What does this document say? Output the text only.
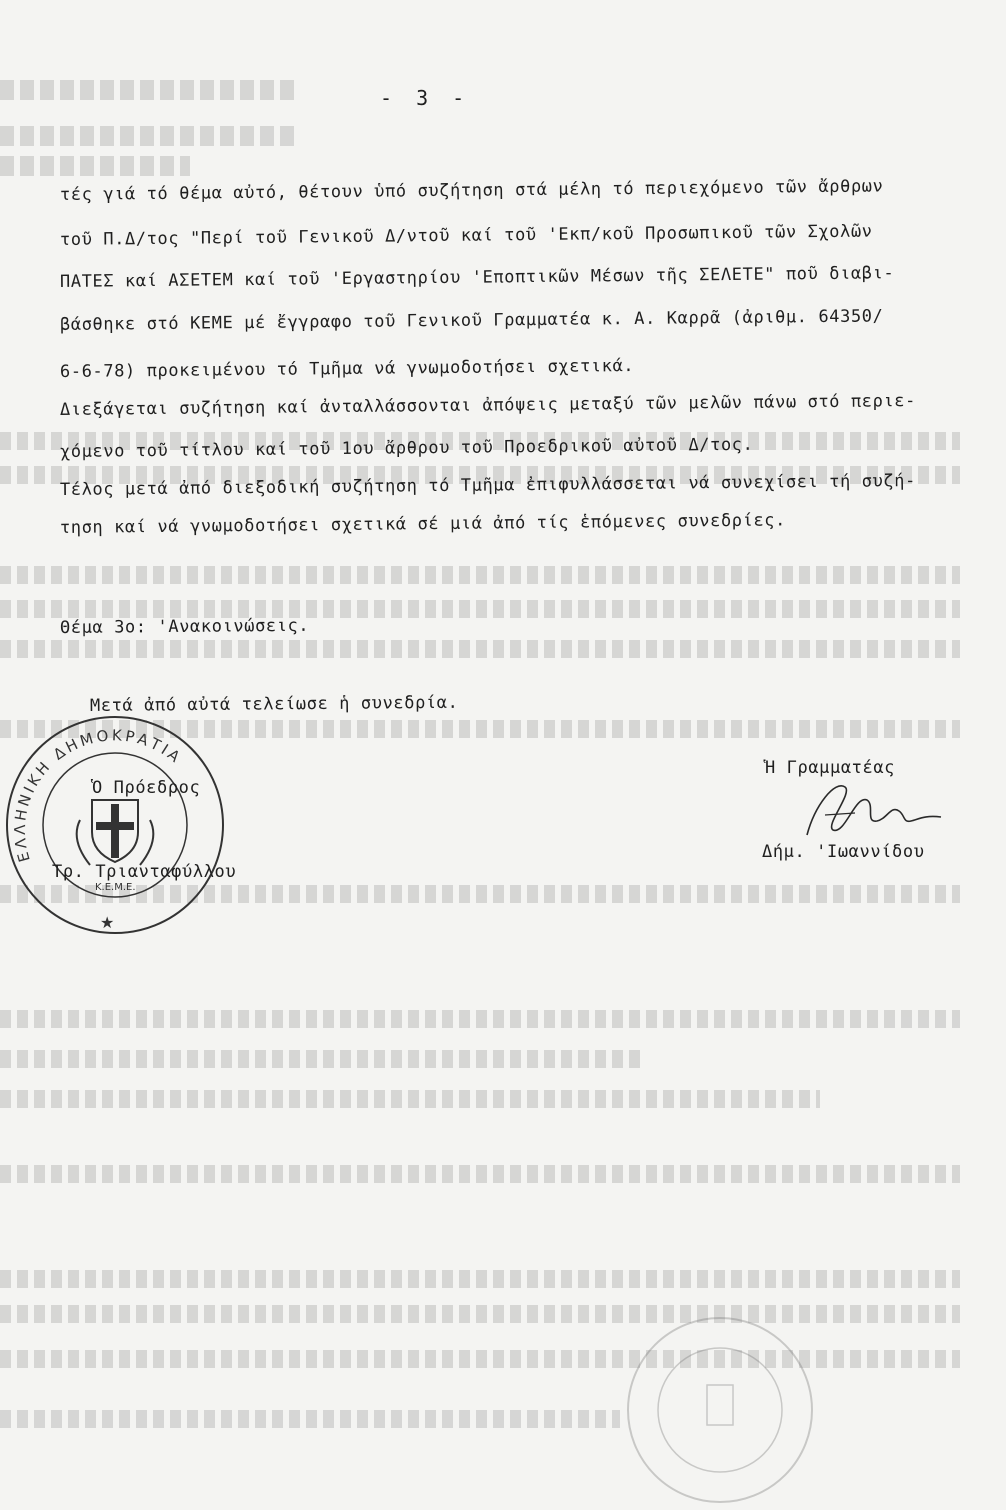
- 3 -
τές γιά τό θέμα αὐτό, θέτουν ὑπό συζήτηση στά μέλη τό περιεχόμενο τῶν ἄρθρων
τοῦ Π.Δ/τος "Περί τοῦ Γενικοῦ Δ/ντοῦ καί τοῦ 'Εκπ/κοῦ Προσωπικοῦ τῶν Σχολῶν
ΠΑΤΕΣ καί ΑΣΕΤΕΜ καί τοῦ 'Εργαστηρίου 'Εποπτικῶν Μέσων τῆς ΣΕΛΕΤΕ" ποῦ διαβι-
βάσθηκε στό ΚΕΜΕ μέ ἔγγραφο τοῦ Γενικοῦ Γραμματέα κ. Α. Καρρᾶ (ἀριθμ. 64350/
6-6-78) προκειμένου τό Τμῆμα νά γνωμοδοτήσει σχετικά.
Διεξάγεται συζήτηση καί ἀνταλλάσσονται ἀπόψεις μεταξύ τῶν μελῶν πάνω στό περιε-
χόμενο τοῦ τίτλου καί τοῦ 1ου ἄρθρου τοῦ Προεδρικοῦ αὐτοῦ Δ/τος.
Τέλος μετά ἀπό διεξοδική συζήτηση τό Τμῆμα ἐπιφυλλάσσεται νά συνεχίσει τή συζή-
τηση καί νά γνωμοδοτήσει σχετικά σέ μιά ἀπό τίς ἑπόμενες συνεδρίες.
Θέμα 3ο: 'Ανακοινώσεις.
Μετά ἀπό αὐτά τελείωσε ἡ συνεδρία.
ΕΛΛΗΝΙΚΗ ΔΗΜΟΚΡΑΤΙΑ
Κ.Ε.Μ.Ε.
★
Ὁ Πρόεδρος
Τρ. Τριανταφύλλου
Ἡ Γραμματέας
Δήμ. 'Ιωαννίδου
